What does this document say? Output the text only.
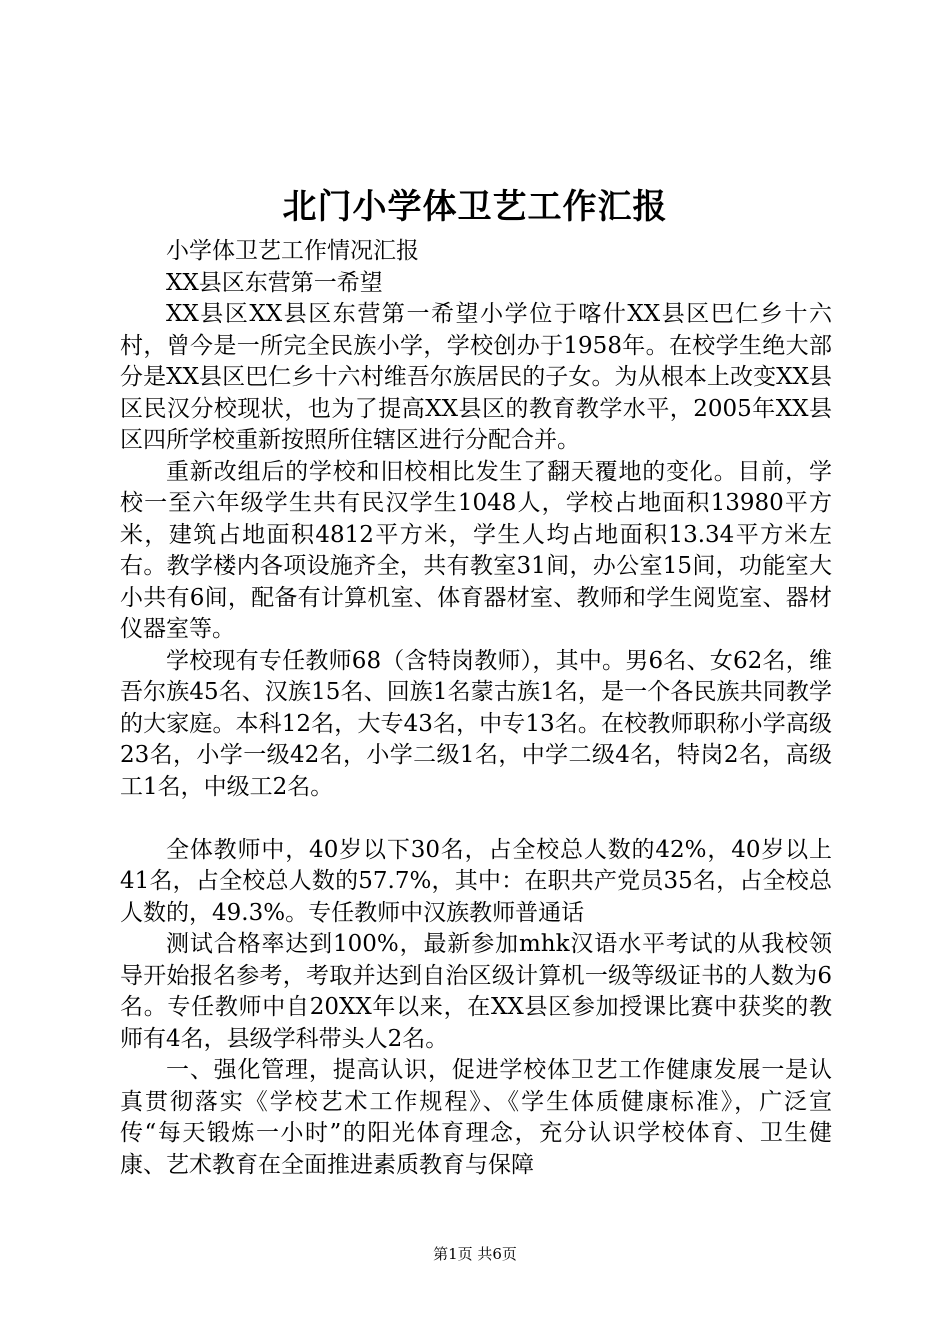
北门小学体卫艺工作汇报

小学体卫艺工作情况汇报

XX县区东营第一希望

XX县区XX县区东营第一希望小学位于喀什XX县区巴仁乡十六村，曾今是一所完全民族小学，学校创办于1958年。在校学生绝大部分是XX县区巴仁乡十六村维吾尔族居民的子女。为从根本上改变XX县区民汉分校现状，也为了提高XX县区的教育教学水平，2005年XX县区四所学校重新按照所住辖区进行分配合并。

重新改组后的学校和旧校相比发生了翻天覆地的变化。目前，学校一至六年级学生共有民汉学生1048人，学校占地面积13980平方米，建筑占地面积4812平方米，学生人均占地面积13.34平方米左右。教学楼内各项设施齐全，共有教室31间，办公室15间，功能室大小共有6间，配备有计算机室、体育器材室、教师和学生阅览室、器材仪器室等。

学校现有专任教师68（含特岗教师），其中。男6名、女62名，维吾尔族45名、汉族15名、回族1名蒙古族1名，是一个各民族共同教学的大家庭。本科12名，大专43名，中专13名。在校教师职称小学高级23名，小学一级42名，小学二级1名，中学二级4名，特岗2名，高级工1名，中级工2名。

全体教师中，40岁以下30名，占全校总人数的42%，40岁以上41名，占全校总人数的57.7%，其中：在职共产党员35名，占全校总人数的，49.3%。专任教师中汉族教师普通话

测试合格率达到100%，最新参加mhk汉语水平考试的从我校领导开始报名参考，考取并达到自治区级计算机一级等级证书的人数为6名。专任教师中自20XX年以来，在XX县区参加授课比赛中获奖的教师有4名，县级学科带头人2名。

一、强化管理，提高认识，促进学校体卫艺工作健康发展一是认真贯彻落实《学校艺术工作规程》、《学生体质健康标准》，广泛宣传“每天锻炼一小时”的阳光体育理念，充分认识学校体育、卫生健康、艺术教育在全面推进素质教育与保障

第1页 共6页
